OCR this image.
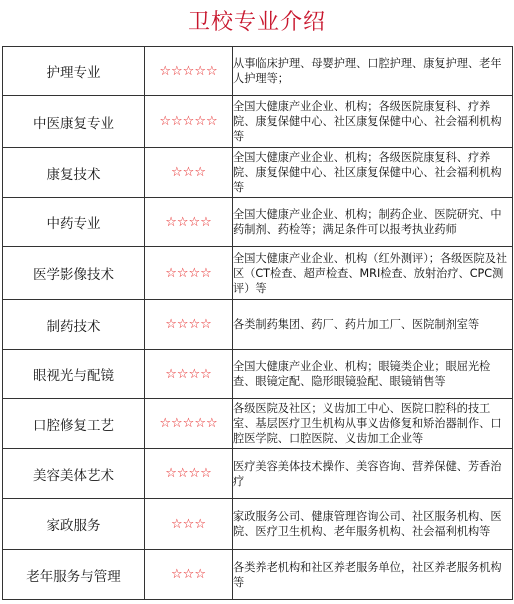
卫校专业介绍
护理专业	☆☆☆☆☆	从事临床护理、母婴护理、口腔护理、康复护理、老年人护理等；
中医康复专业	☆☆☆☆☆	全国大健康产业企业、机构；各级医院康复科、疗养院、康复保健中心、社区康复保健中心、社会福利机构等
康复技术	☆☆☆	全国大健康产业企业、机构；各级医院康复科、疗养院、康复保健中心、社区康复保健中心、社会福利机构等
中药专业	☆☆☆☆	全国大健康产业企业、机构；制药企业、医院研究、中药制剂、药检等；满足条件可以报考执业药师
医学影像技术	☆☆☆☆	全国大健康产业企业、机构（红外测评）；各级医院及社区（CT检查、超声检查、MRI检查、放射治疗、CPC测评）等
制药技术	☆☆☆☆	各类制药集团、药厂、药片加工厂、医院制剂室等
眼视光与配镜	☆☆☆☆	全国大健康产业企业、机构；眼镜类企业；眼屈光检查、眼镜定配、隐形眼镜验配、眼镜销售等
口腔修复工艺	☆☆☆☆☆	各级医院及社区；义齿加工中心、医院口腔科的技工室、基层医疗卫生机构从事义齿修复和矫治器制作、口腔医学院、口腔医院、义齿加工企业等
美容美体艺术	☆☆☆☆	医疗美容美体技术操作、美容咨询、营养保健、芳香治疗
家政服务	☆☆☆	家政服务公司、健康管理咨询公司、社区服务机构、医院、医疗卫生机构、老年服务机构、社会福利机构等
老年服务与管理	☆☆☆	各类养老机构和社区养老服务单位，社区养老服务机构等
